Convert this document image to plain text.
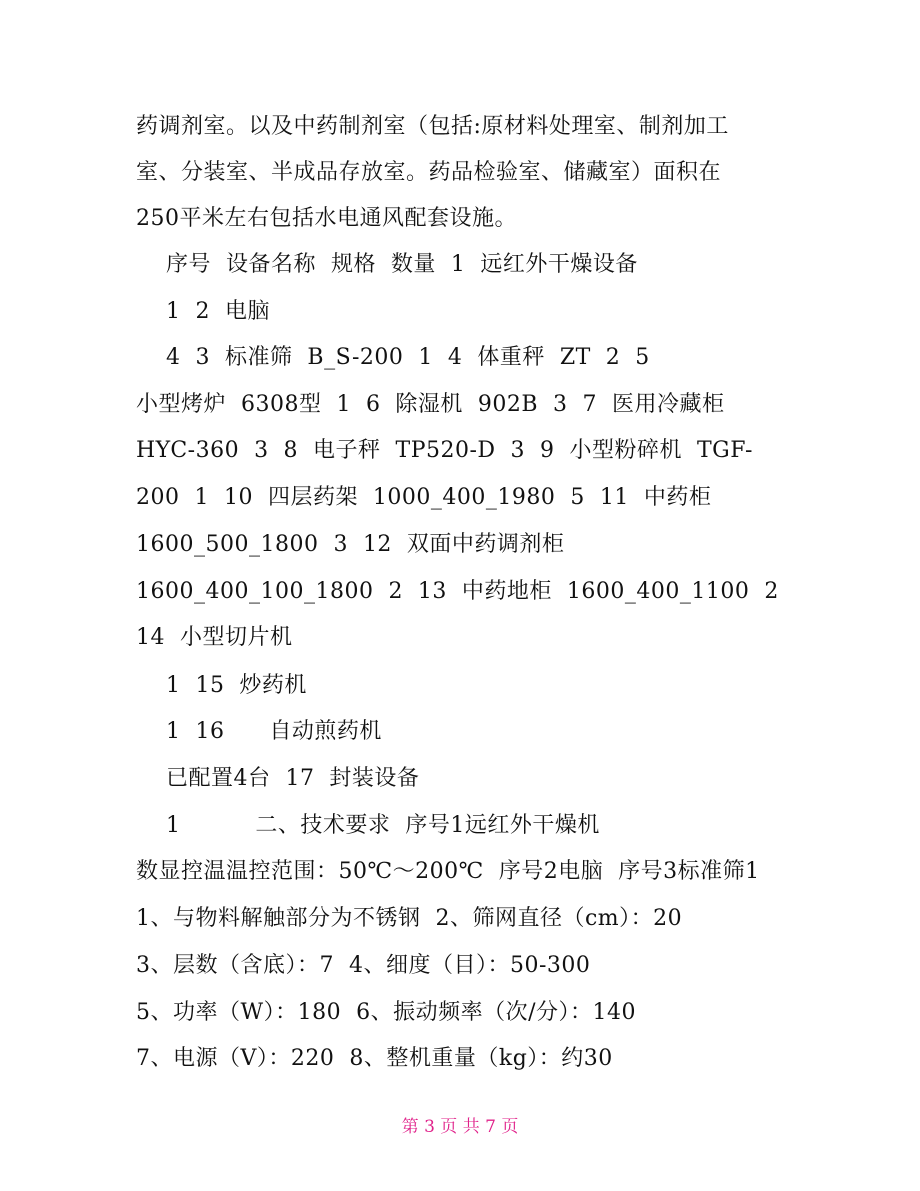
药调剂室。以及中药制剂室（包括:原材料处理室、制剂加工
室、分装室、半成品存放室。药品检验室、储藏室）面积在
250平米左右包括水电通风配套设施。
序号  设备名称  规格  数量  1  远红外干燥设备
1  2  电脑
4  3  标准筛  B_S-200  1  4  体重秤  ZT  2  5
小型烤炉  6308型  1  6  除湿机  902B  3  7  医用冷藏柜
HYC-360  3  8  电子秤  TP520-D  3  9  小型粉碎机  TGF-
200  1  10  四层药架  1000_400_1980  5  11  中药柜
1600_500_1800  3  12  双面中药调剂柜
1600_400_100_1800  2  13  中药地柜  1600_400_1100  2
14  小型切片机
1  15  炒药机
1  16      自动煎药机
已配置4台  17  封装设备
1          二、技术要求  序号1远红外干燥机
数显控温温控范围：50℃～200℃  序号2电脑  序号3标准筛1
1、与物料解触部分为不锈钢  2、筛网直径（cm）：20
3、层数（含底）：7  4、细度（目）：50-300
5、功率（W）：180  6、振动频率（次/分）：140
7、电源（V）：220  8、整机重量（kg）：约30
第 3 页 共 7 页
